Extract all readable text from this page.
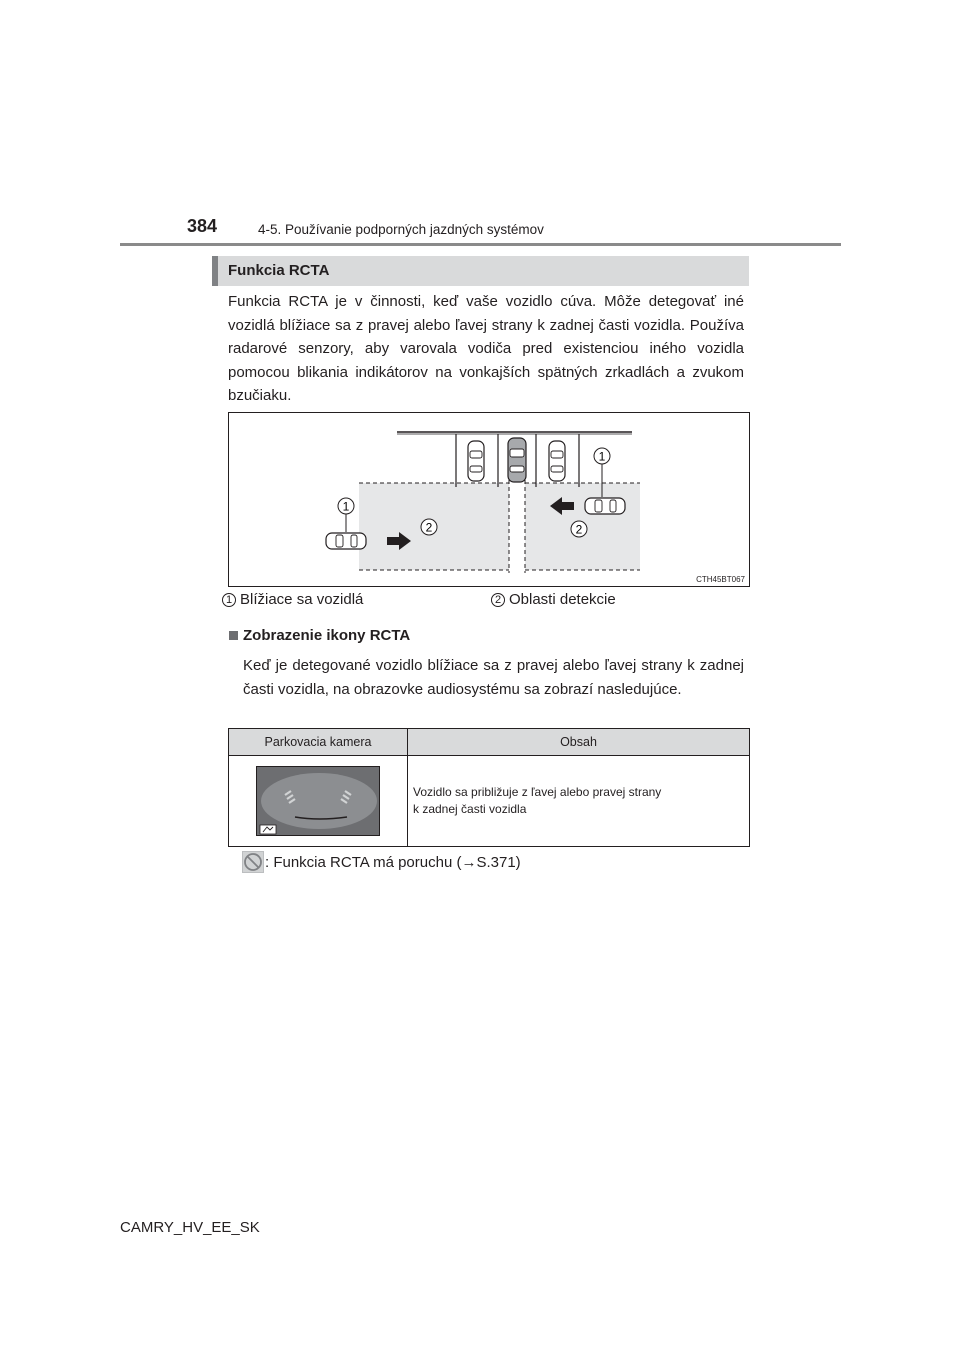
384	4-5. Používanie podporných jazdných systémov
Funkcia RCTA
Funkcia RCTA je v činnosti, keď vaše vozidlo cúva. Môže detegovať iné vozidlá blížiace sa z pravej alebo ľavej strany k zadnej časti vozidla. Používa radarové senzory, aby varovala vodiča pred existenciou iného vozidla pomocou blikania indikátorov na vonkajších spätných zrkadlách a zvukom bzučiaku.
1
1
2	2
CTH45BT067
1 Blížiace sa vozidlá	2 Oblasti detekcie
Zobrazenie ikony RCTA
Keď je detegované vozidlo blížiace sa z pravej alebo ľavej strany k zadnej časti vozidla, na obrazovke audiosystému sa zobrazí nasledujúce.
Parkovacia kamera	Obsah

Vozidlo sa približuje z ľavej alebo pravej strany
k zadnej časti vozidla
: Funkcia RCTA má poruchu (→S.371)
CAMRY_HV_EE_SK
